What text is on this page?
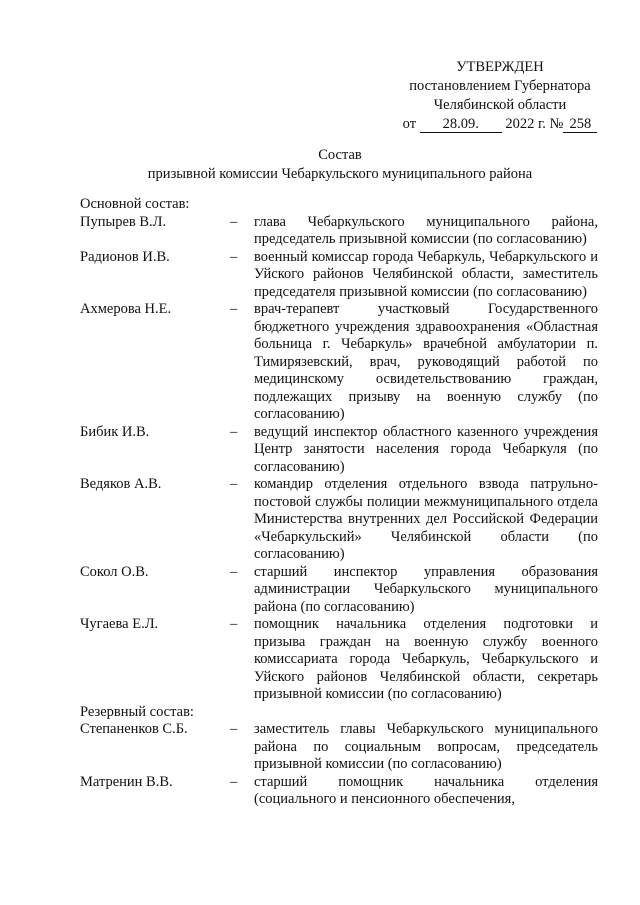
УТВЕРЖДЕН
постановлением Губернатора
Челябинской области
от 28.09. 2022 г. № 258
Состав
призывной комиссии Чебаркульского муниципального района
Основной состав:
Пупырев В.Л.	–	глава Чебаркульского муниципального района, председатель призывной комиссии (по согласованию)
Радионов И.В.	–	военный комиссар города Чебаркуль, Чебаркульского и Уйского районов Челябинской области, заместитель председателя призывной комиссии (по согласованию)
Ахмерова Н.Е.	–	врач-терапевт участковый Государственного бюджетного учреждения здравоохранения «Областная больница г. Чебаркуль» врачебной амбулатории п. Тимирязевский, врач, руководящий работой по медицинскому освидетельствованию граждан, подлежащих призыву на военную службу (по согласованию)
Бибик И.В.	–	ведущий инспектор областного казенного учреждения Центр занятости населения города Чебаркуля (по согласованию)
Ведяков А.В.	–	командир отделения отдельного взвода патрульно-постовой службы полиции межмуниципального отдела Министерства внутренних дел Российской Федерации «Чебаркульский» Челябинской области (по согласованию)
Сокол О.В.	–	старший инспектор управления образования администрации Чебаркульского муниципального района (по согласованию)
Чугаева Е.Л.	–	помощник начальника отделения подготовки и призыва граждан на военную службу военного комиссариата города Чебаркуль, Чебаркульского и Уйского районов Челябинской области, секретарь призывной комиссии (по согласованию)
Резервный состав:
Степаненков С.Б.	–	заместитель главы Чебаркульского муниципального района по социальным вопросам, председатель призывной комиссии (по согласованию)
Матренин В.В.	–	старший помощник начальника отделения (социального и пенсионного обеспечения,
